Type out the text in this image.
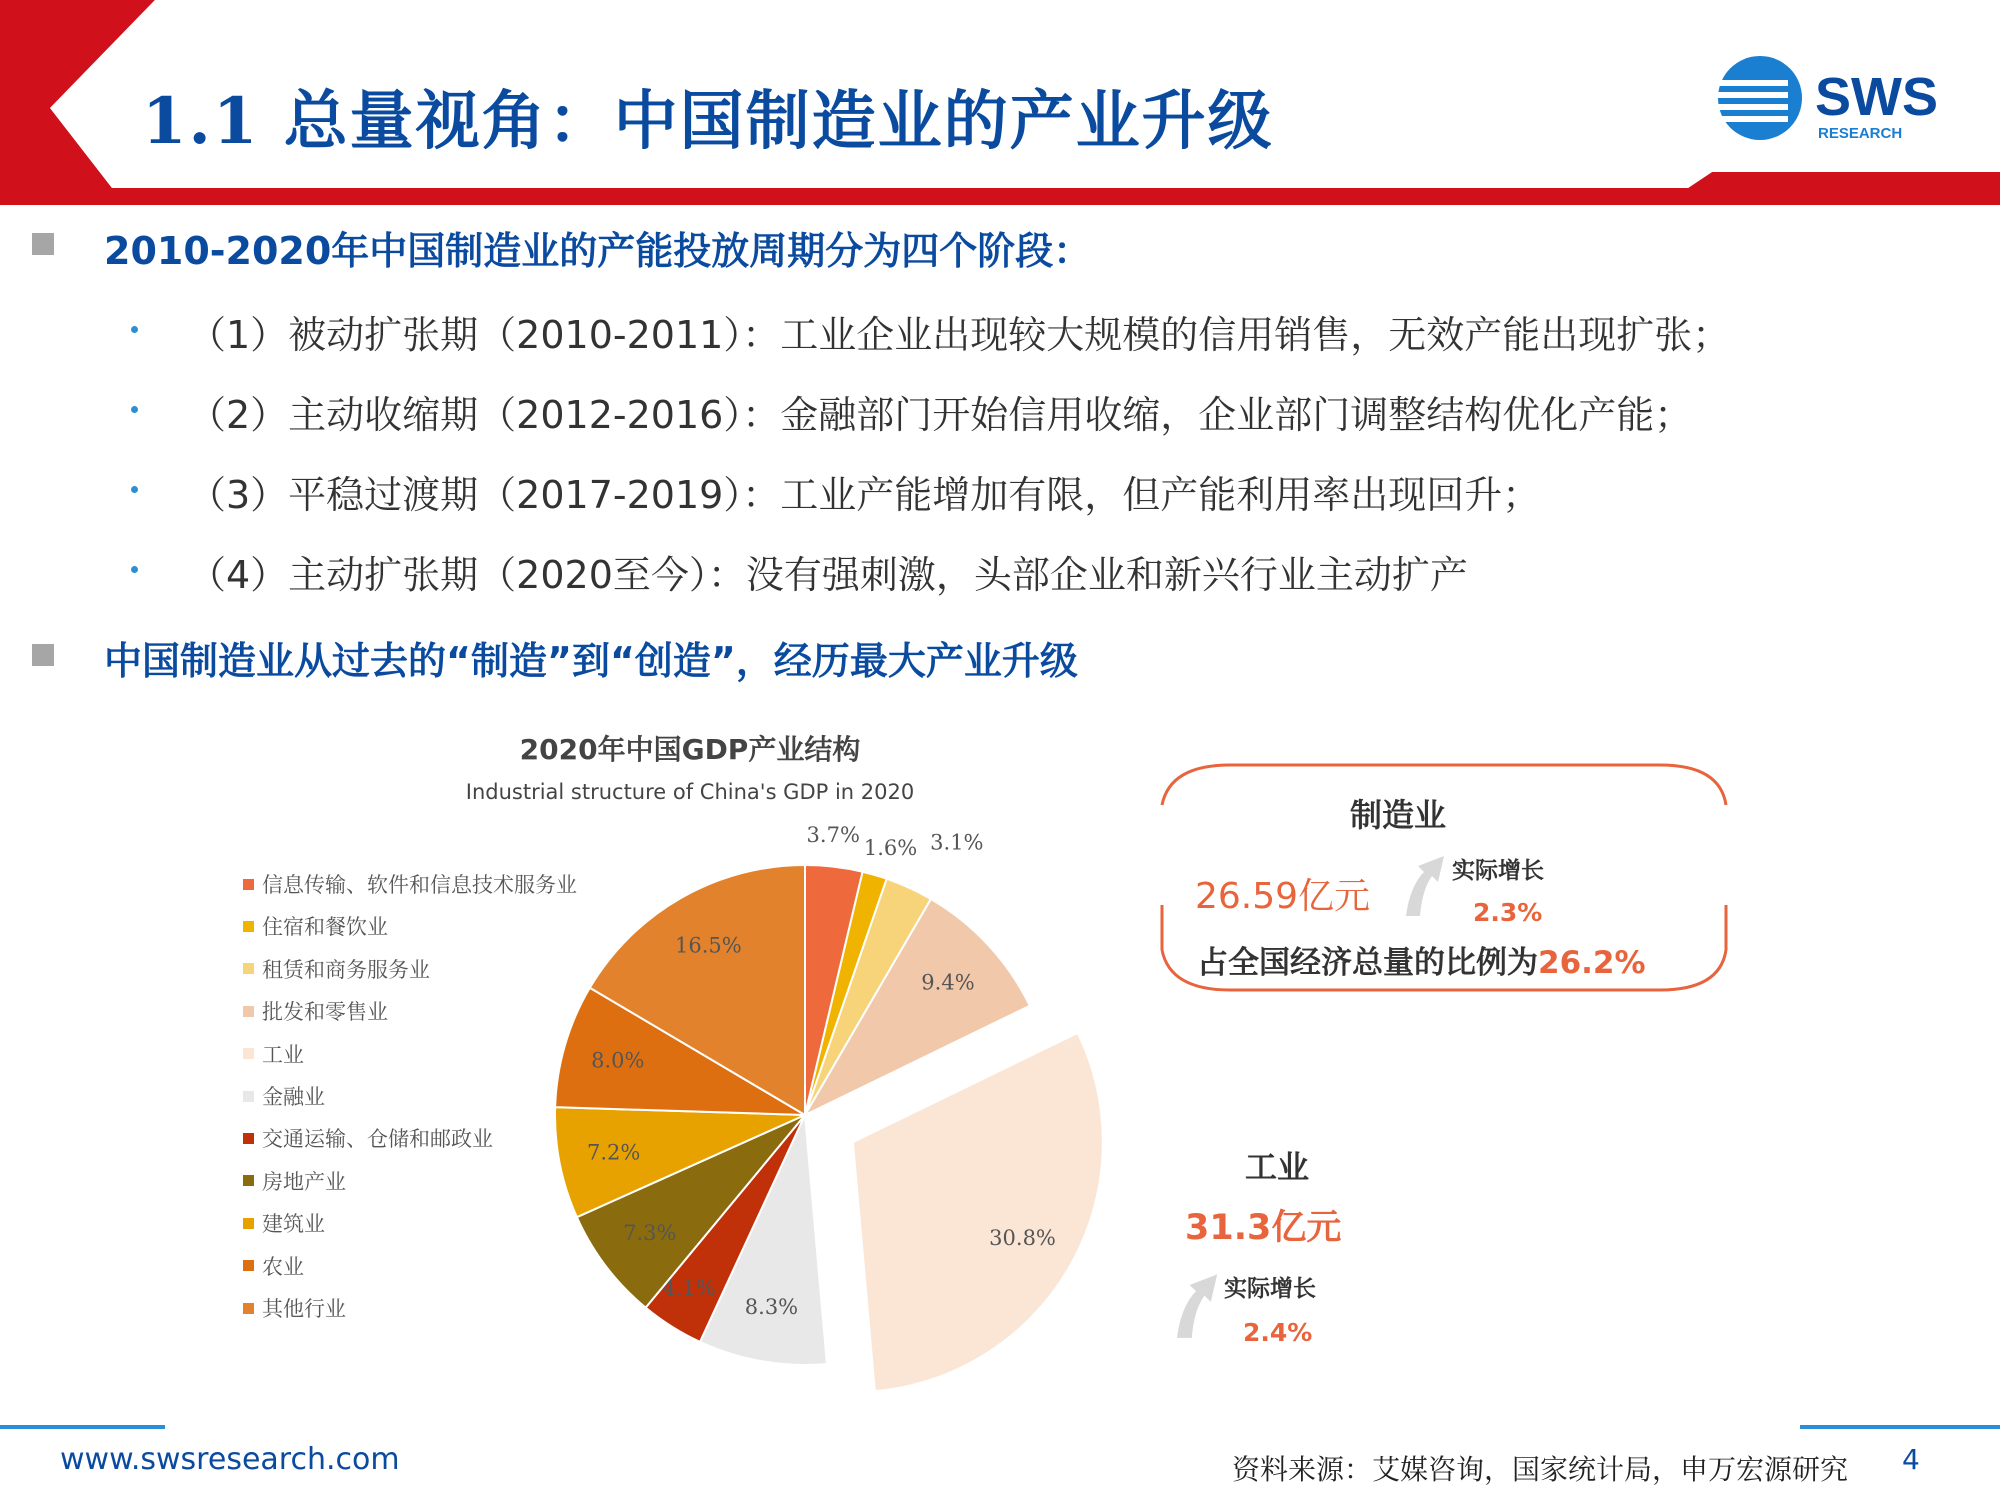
1.1 总量视角：中国制造业的产业升级	SWS
RESEARCH
2010-2020年中国制造业的产能投放周期分为四个阶段：
（1）被动扩张期（2010-2011）：工业企业出现较大规模的信用销售，无效产能出现扩张；
（2）主动收缩期（2012-2016）：金融部门开始信用收缩，企业部门调整结构优化产能；
（3）平稳过渡期（2017-2019）：工业产能增加有限，但产能利用率出现回升；
（4）主动扩张期（2020至今）：没有强刺激，头部企业和新兴行业主动扩产
中国制造业从过去的“制造”到“创造”，经历最大产业升级
2020年中国GDP产业结构
Industrial structure of China's GDP in 2020
信息传输、软件和信息技术服务业
住宿和餐饮业
租赁和商务服务业
批发和零售业
工业
金融业
交通运输、仓储和邮政业
房地产业
建筑业
农业
其他行业
3.7%
1.6% 3.1%
9.4%
30.8%
8.3%
4.1%
7.3%
7.2%
8.0%
16.5%
制造业
26.59亿元
实际增长
2.3%
占全国经济总量的比例为26.2%
工业
31.3亿元
实际增长
2.4%
www.swsresearch.com	资料来源：艾媒咨询，国家统计局，申万宏源研究 4
